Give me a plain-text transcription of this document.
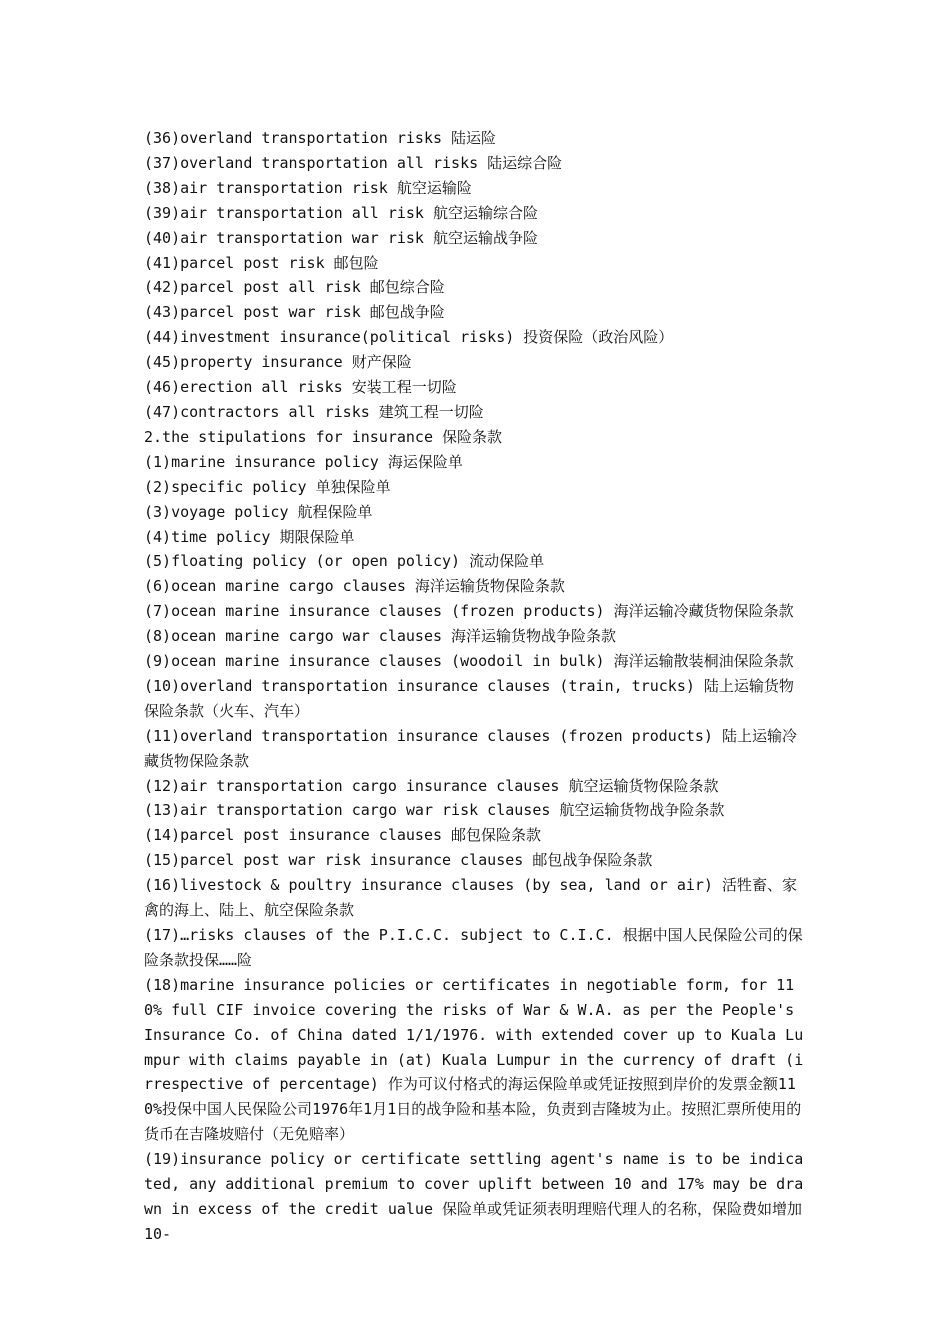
(36)overland transportation risks 陆运险

(37)overland transportation all risks 陆运综合险

(38)air transportation risk 航空运输险

(39)air transportation all risk 航空运输综合险

(40)air transportation war risk 航空运输战争险

(41)parcel post risk 邮包险

(42)parcel post all risk 邮包综合险

(43)parcel post war risk 邮包战争险

(44)investment insurance(political risks) 投资保险（政治风险）

(45)property insurance 财产保险

(46)erection all risks 安装工程一切险

(47)contractors all risks 建筑工程一切险

2.the stipulations for insurance 保险条款

(1)marine insurance policy 海运保险单

(2)specific policy 单独保险单

(3)voyage policy 航程保险单

(4)time policy 期限保险单

(5)floating policy (or open policy) 流动保险单

(6)ocean marine cargo clauses 海洋运输货物保险条款

(7)ocean marine insurance clauses (frozen products) 海洋运输冷藏货物保险条款

(8)ocean marine cargo war clauses 海洋运输货物战争险条款

(9)ocean marine insurance clauses (woodoil in bulk) 海洋运输散装桐油保险条款

(10)overland transportation insurance clauses (train, trucks) 陆上运输货物保险条款（火车、汽车）

(11)overland transportation insurance clauses (frozen products) 陆上运输冷藏货物保险条款

(12)air transportation cargo insurance clauses 航空运输货物保险条款

(13)air transportation cargo war risk clauses 航空运输货物战争险条款

(14)parcel post insurance clauses 邮包保险条款

(15)parcel post war risk insurance clauses 邮包战争保险条款

(16)livestock & poultry insurance clauses (by sea, land or air) 活牲畜、家禽的海上、陆上、航空保险条款

(17)…risks clauses of the P.I.C.C. subject to C.I.C. 根据中国人民保险公司的保险条款投保……险

(18)marine insurance policies or certificates in negotiable form, for 110% full CIF invoice covering the risks of War & W.A. as per the People's Insurance Co. of China dated 1/1/1976. with extended cover up to Kuala Lumpur with claims payable in (at) Kuala Lumpur in the currency of draft (irrespective of percentage) 作为可议付格式的海运保险单或凭证按照到岸价的发票金额110%投保中国人民保险公司1976年1月1日的战争险和基本险，负责到吉隆坡为止。按照汇票所使用的货币在吉隆坡赔付（无免赔率）

(19)insurance policy or certificate settling agent's name is to be indicated, any additional premium to cover uplift between 10 and 17% may be drawn in excess of the credit ualue 保险单或凭证须表明理赔代理人的名称，保险费如增加10-
